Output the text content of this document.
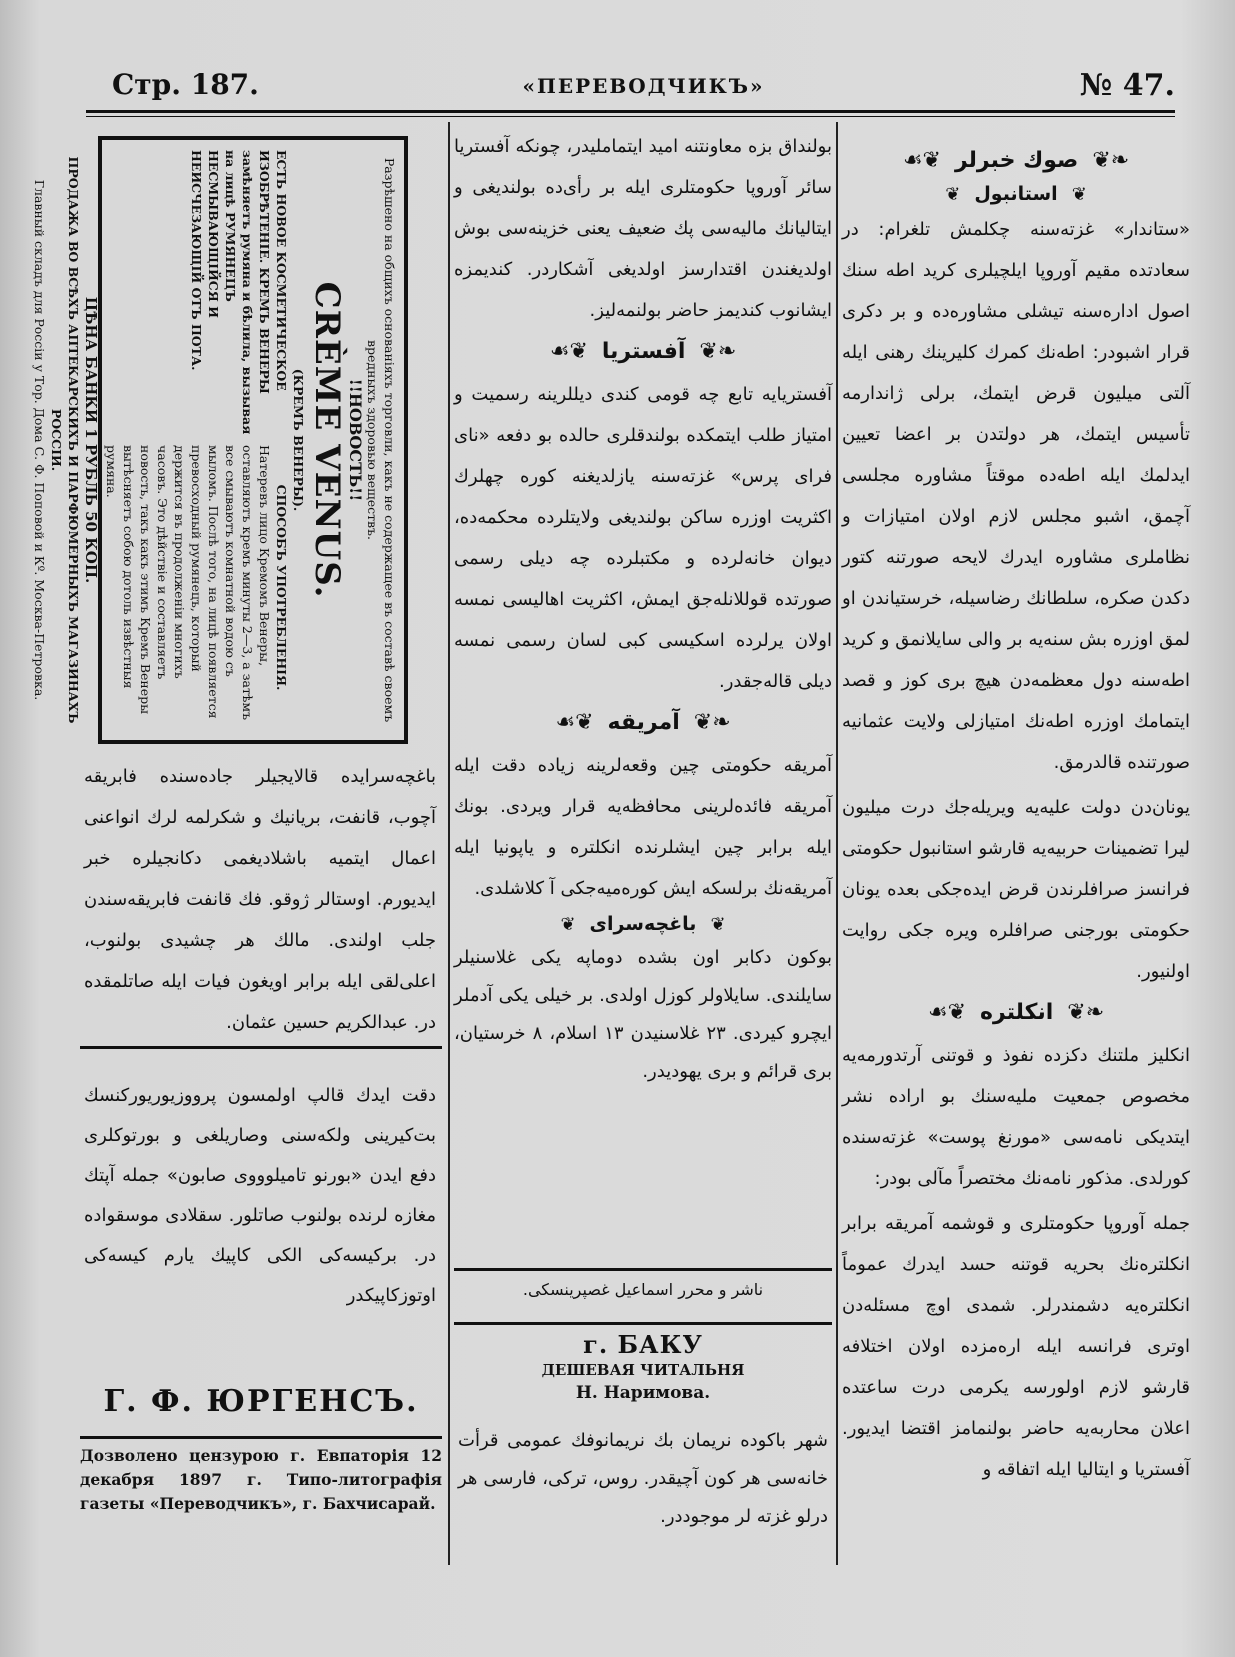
Стр. 187.	«ПЕРЕВОДЧИКЪ»	№ 47.
Разрѣшено на общихъ основаніяхъ торговли, какъ не содержащее въ составѣ своемъ вредныхъ здоровью веществъ.
!!НОВОСТЬ!!
CRÈME VENUS.
(КРЕМЪ ВЕНЕРЫ).
ЕСТЬ НОВОЕ КОСМЕТИЧЕСКОЕ ИЗОБРѢТЕНІЕ. КРЕМЪ ВЕНЕРЫ замѣняетъ румяна и бѣлила, вызывая на лицѣ РУМЯНЕЦЪ НЕСМЫВАЮЩІЙСЯ И НЕИСЧЕЗАЮЩІЙ ОТЪ ПОТА.
СПОСОБЪ УПОТРЕБЛЕНІЯ.
Натеревъ лицо Кремомъ Венеры, оставляютъ кремъ минуты 2—3, а затѣмъ все смываютъ комнатной водою съ мыломъ. Послѣ того, на лицѣ появляется превосходный румянецъ, который держится въ продолженіи многихъ часовъ. Это дѣйствіе и составляетъ новость, такъ какъ этимъ Кремъ Венеры вытѣсняетъ собою дотоль извѣстныя румяна.
ЦѢНА БАНКИ 1 РУБЛЬ 50 КОП.
ПРОДАЖА ВО ВСѢХЪ АПТЕКАРСКИХЪ И ПАРФЮМЕРНЫХЪ МАГАЗИНАХЪ РОССІИ.
Главный складъ для Россіи у Тор. Дома С. Ф. Поповой и Кº. Москва-Петровка.
باغچه‌سرایده قالایجیلر جاده‌سنده فابریقه آچوب، قانفت، بریانیك و شکرلمه لرك انواعنی اعمال ایتمیه باشلادیغمی دکانجیلره خبر ایدیورم. اوستالر ژوقو. فك قانفت فابریقه‌سندن جلب اولندی. مالك هر چشیدی بولنوب، اعلی‌لقی ایله برابر اویغون فیات ایله صاتلمقده در. عبدالکریم حسین عثمان.
دقت ایدك قالپ اولمسون پرووزیوریورکنسك بت‌کیرینی ولکه‌سنی وصاریلغی و بورتوکلری دفع ایدن «بورنو تامیلوووی صابون» جمله آپتك مغازه لرنده بولنوب صاتلور. سقلادی موسقواده در. برکیسه‌کی الکی کاپیك یارم کیسه‌کی اوتوزکاپیکدر
Г. Ф. ЮРГЕНСЪ.
Дозволено цензурою г. Евпаторія 12 декабря 1897 г. Типо-литографія газеты «Переводчикъ», г. Бахчисарай.
بولنداق بزه معاونتنه امید ایتماملیدر، چونکه آفستریا سائر آوروپا حکومتلری ایله بر رأی‌ده بولندیغی و ایتالیانك مالیه‌سی پك ضعیف یعنی خزینه‌سی بوش اولدیغندن اقتدارسز اولدیغی آشکاردر. کندیمزه ایشانوب کندیمز حاضر بولنمه‌لیز.
❧❦
آفستریا
❦☙
آفستریایه تابع چه قومی کندی دیللرینه رسمیت و امتیاز طلب ایتمکده بولندقلری حالده بو دفعه «نای فرای پرس» غزته‌سنه یازلدیغنه کوره چهلرك اکثریت اوزره ساکن بولندیغی ولایتلرده محکمه‌ده، دیوان خانه‌لرده و مکتبلرده چه دیلی رسمی صورتده قوللانله‌جق ایمش، اکثریت اهالیسی نمسه اولان یرلرده اسکیسی کبی لسان رسمی نمسه دیلی قاله‌جقدر.
❧❦
آمریقه
❦☙
آمریقه حکومتی چین وقعه‌لرینه زیاده دقت ایله آمریقه فائده‌لرینی محافظه‌یه قرار ویردی. بونك ایله برابر چین ایشلرنده انکلتره و یاپونیا ایله آمریقه‌نك برلسکه ایش کوره‌میه‌جکی آ کلاشلدی.
❦
باغچه‌سرای
❦
بوکون دکابر اون بشده دوماپه یکی غلاسنیلر سایلندی. سایلاولر کوزل اولدی. بر خیلی یکی آدملر ایچرو کیردی. ۲۳ غلاسنیدن ۱۳ اسلام، ۸ خرستیان، بری قرائم و بری یهودیدر.
ناشر و محرر اسماعیل غصپرینسکی.
г. БАКУ
ДЕШЕВАЯ ЧИТАЛЬНЯ
Н. Наримова.
شهر باکوده نریمان بك نریمانوفك عمومی قرأت خانه‌سی هر کون آچیقدر. روس، ترکی، فارسی هر درلو غزته لر موجوددر.
❧❦
صوك خبرلر
❦☙
❦
استانبول
❦
«ستاندار» غزته‌سنه چکلمش تلغرام: در سعادتده مقیم آوروپا ایلچیلری کرید اطه سنك اصول اداره‌سنه تیشلی مشاوره‌ده و بر دکری قرار اشبودر: اطه‌نك کمرك کلیرینك رهنی ایله آلتی میلیون قرض ایتمك، برلی ژاندارمه تأسیس ایتمك، هر دولتدن بر اعضا تعیین ایدلمك ایله اطه‌ده موقتاً مشاوره مجلسی آچمق، اشبو مجلس لازم اولان امتیازات و نظاملری مشاوره ایدرك لایحه صورتنه کتور دکدن صکره، سلطانك رضاسیله، خرستیاندن او لمق اوزره بش سنه‌یه بر والی سایلانمق و کرید اطه‌سنه دول معظمه‌دن هیچ بری کوز و قصد ایتمامك اوزره اطه‌نك امتیازلی ولایت عثمانیه صورتنده قالدرمق.
یونان‌دن دولت علیه‌یه ویریله‌جك درت میلیون لیرا تضمینات حربیه‌یه قارشو استانبول حکومتی فرانسز صرافلرندن قرض ایده‌جکی بعده یونان حکومتی بورجنی صرافلره ویره جکی روایت اولنیور.
❧❦
انکلتره
❦☙
انکلیز ملتنك دکزده نفوذ و قوتنی آرتدورمه‌یه مخصوص جمعیت ملیه‌سنك بو اراده نشر ایتدیکی نامه‌سی «مورنغ پوست» غزته‌سنده کورلدی. مذکور نامه‌نك مختصراً مآلی بودر:
جمله آوروپا حکومتلری و قوشمه آمریقه برابر انکلتره‌نك بحریه قوتنه حسد ایدرك عموماً انکلتره‌یه دشمندرلر. شمدی اوچ مسئله‌دن اوتری فرانسه ایله اره‌مزده اولان اختلافه قارشو لازم اولورسه یکرمی درت ساعتده اعلان محاربه‌یه حاضر بولنمامز اقتضا ایدیور. آفستریا و ایتالیا ایله اتفاقه و
